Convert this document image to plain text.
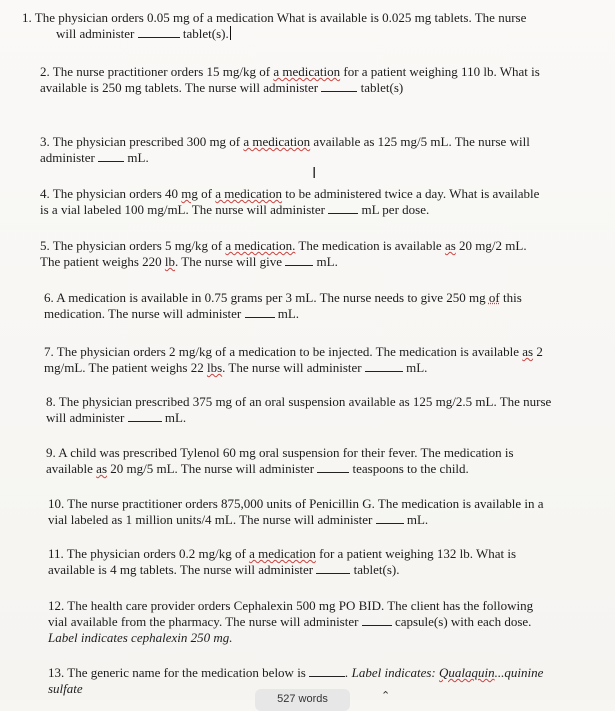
1. The physician orders 0.05 mg of a medication What is available is 0.025 mg tablets. The nurse
will administer	tablet(s).
2. The nurse practitioner orders 15 mg/kg of a medication for a patient weighing 110 lb. What is
available is 250 mg tablets. The nurse will administer	tablet(s)
3. The physician prescribed 300 mg of a medication available as 125 mg/5 mL. The nurse will
administer	mL.
I
4. The physician orders 40 mg of a medication to be administered twice a day. What is available
is a vial labeled 100 mg/mL. The nurse will administer	mL per dose.
5. The physician orders 5 mg/kg of a medication. The medication is available as 20 mg/2 mL.
The patient weighs 220 lb. The nurse will give	mL.
6. A medication is available in 0.75 grams per 3 mL. The nurse needs to give 250 mg of this
medication. The nurse will administer	mL.
7. The physician orders 2 mg/kg of a medication to be injected. The medication is available as 2
mg/mL. The patient weighs 22 lbs. The nurse will administer	mL.
8. The physician prescribed 375 mg of an oral suspension available as 125 mg/2.5 mL. The nurse
will administer	mL.
9. A child was prescribed Tylenol 60 mg oral suspension for their fever. The medication is
available as 20 mg/5 mL. The nurse will administer	teaspoons to the child.
10. The nurse practitioner orders 875,000 units of Penicillin G. The medication is available in a
vial labeled as 1 million units/4 mL. The nurse will administer	mL.
11. The physician orders 0.2 mg/kg of a medication for a patient weighing 132 lb. What is
available is 4 mg tablets. The nurse will administer	tablet(s).
12. The health care provider orders Cephalexin 500 mg PO BID. The client has the following
vial available from the pharmacy. The nurse will administer	capsule(s) with each dose.
Label indicates cephalexin 250 mg.
13. The generic name for the medication below is	. Label indicates: Qualaquin...quinine
sulfate
527 words	⌃
